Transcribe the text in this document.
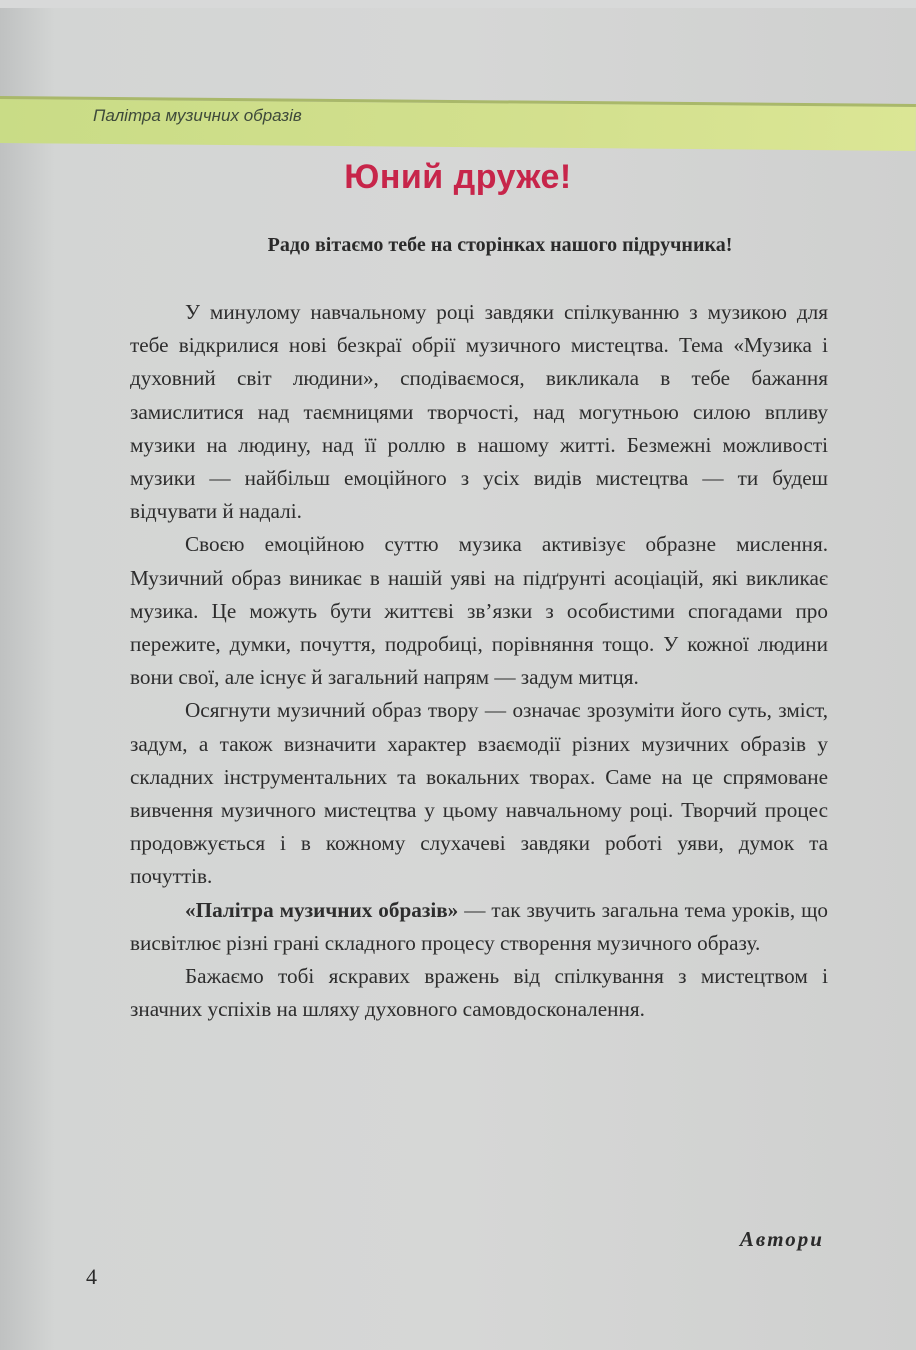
Палітра музичних образів
Юний друже!
Радо вітаємо тебе на сторінках нашого підручника!

У минулому навчальному році завдяки спілкуванню з музикою для тебе відкрилися нові безкраї обрії музичного мистецтва. Тема «Музика і духовний світ людини», сподіваємося, викликала в тебе бажання замислитися над таємницями творчості, над могутньою силою впливу музики на людину, над її роллю в нашому житті. Безмежні можливості музики — найбільш емоційного з усіх видів мистецтва — ти будеш відчувати й надалі.

Своєю емоційною суттю музика активізує образне мислення. Музичний образ виникає в нашій уяві на підґрунті асоціацій, які викликає музика. Це можуть бути життєві зв’язки з особистими спогадами про пережите, думки, почуття, подробиці, порівняння тощо. У кожної людини вони свої, але існує й загальний напрям — задум митця.

Осягнути музичний образ твору — означає зрозуміти його суть, зміст, задум, а також визначити характер взаємодії різних музичних образів у складних інструментальних та вокальних творах. Саме на це спрямоване вивчення музичного мистецтва у цьому навчальному році. Творчий процес продовжується і в кожному слухачеві завдяки роботі уяви, думок та почуттів.

«Палітра музичних образів» — так звучить загальна тема уроків, що висвітлює різні грані складного процесу створення музичного образу.

Бажаємо тобі яскравих вражень від спілкування з мистецтвом і значних успіхів на шляху духовного самовдосконалення.

Автори
4
